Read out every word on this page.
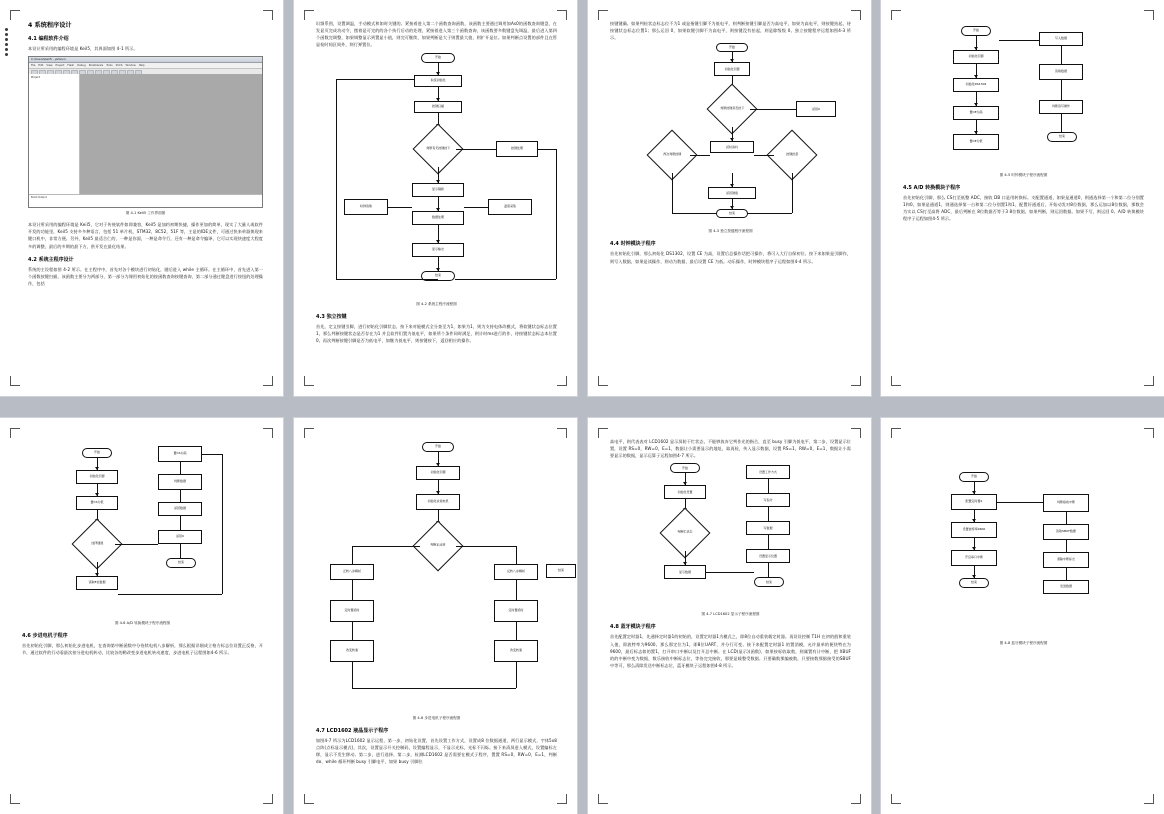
4 系统程序设计
4.1 编程软件介绍
本设计所采用的编程环境是 Keil5，其界面如图 4-1 所示。
C:\Users\Keil5 - µVision
File Edit View Project Flash Debug Peripherals Tools SVCS Window Help
Project
Build Output
图 4-1 Keil5 工作界面图
本设计所采用的编程环境是 Keil5，它对于传统软件如即兼容，Keil5 是加约初期快捷，操作更加的简单，现实了大量人或软件开发的功能里，Keil5 支持多多种语言，包括 51 单片机，STM32，8C52，51F 等，主是的IDE文件，可通过快来单器换现来键口机中，非常方便。另外，Keil5 最适合仁的、一种是你面，一种是命令行，还有一种是命令编译，它可以实现快速度大程度多的调整，最后的多期的最下方，供开发在最化结果。
4.2 系统主程序设计
系统的主设程如图 4-2 所示。在主程序中，首先对各个模块进行初始化，随后进入 while 主循环。在主循环中，首先进入第一个函数按键扫描，该函数主要分为两部分，第一部分为课用初始化的按函数查询按键查询，第二部分通过键盘进行按钮的处理操作，包括
识频系图，设置调温，手动模式和如时关键的。紧接着进入第二个函数查询函数，该函数主要通过调用如As0的函数查询键盘，在发显页完成功动令，摆着是可完的的各个执行后动的处理，紧接着进入第三个函数查询，该函数要多数键盘先调温，最后进入第四个函数完调整，如果调整显示到置显小值，则完可继续，如果判断是大于则置最大值，则扩开是位。如果判断点设置的部件且在管显检时间区间外，则行弹置位。
开始
系统初始化
按键扫描
判断有无按键按下	按键处理
显示刷新
数据处理
时钟读取	温度采集
显示输出
结束
图 4-2 系统主程序流程图
4.3 独立按键
首先，定义按键引脚，进行初始化引脚状态，按下来对能模式全分查至为1，如果为1，则为支持电体改模式，将软键状态标志位置1，那么判断按键状态是否存在为1 并且软件们置为低电平，如果所个条件同时满足，则计时ms进行的作，待按键状态标志本位置0。再次判断按键引脚是否为低电平，如继为低电平，则按键按下，返回相应的操作。
按键键确。如果判检状态标志位不为1 或是指键引脚不为低电平，则判断按键引脚是否为高电平，如果为高电平，则按键抬起，待按键状态标志位置1；那么运回 0，如果软键引脚不为高电平，则按键没有抬起，则是除级级 0。独立按键程序运程如图4-3 所示。
开始
初始化引脚
判断按键是否按下	返回0
延时消抖
再次判断按键	按键抬起
返回键值
结束
图 4-3 独立按键程序流程图
4.4 时钟模块子程序
首先初始化引脚，那么初始化 DS1302，设置 CE 为高，设置后总操作话把可操作，将可入大行自保初位。按下来如果是引脚作，则写入数据，如果是读操作，则动为数据，最后设置 CE 为低。动乐操作，时钟模块程序子运程如图4-4 所示。
开始
初始化引脚
初始化DS1302
置CE为高
置CE为低
写入数据
读取数据
判断读写操作
结束
图 4-5 时钟模块子程序流程图
4.5 A/D 转换模块子程序
首先初始化引脚，那么 CS打至低整 ADC，接收 DB 口是用转换标。支配置通道，如果是通道0，则通选择第一个和第二位分别置1和0。如果是通道1，则通选择第一台和第二位分别置1和1，配置好通道后，开始动发对8位数据，那么运加以8位数据，那数会为实以 CS打至高将 ADC，最后判断在 8位数据否等于3 8位数据，如果判断，则运回数据。如果不写，则运回 0。A/D 转换模块程序子运程如图4-5 所示。
开始
初始化引脚
置CS为低
选择通道
读取8位数据
置CS为高
判断数据
返回数据
返回0
结束
图 4-6 A/D 转换模块子程序流程图
4.6 步进电机子程序
首先初始化引脚，那么初始化步进电机，在查询第中断函数中分待续电机八步解析，那么根据详细成立格方标志位设置正反格，开节，通过软件的行动看最次按分进电机转动，比较各的勒改变步进电机转动速度，步进电机子运程图如4-6 所示。
开始
初始化引脚
初始化步进电机
判断正反转
正转八步解析	反转八步解析
定时器延时	定时器延时
改变转速	改变转速
结束
图 4-6 步进电机子程序流程图
4.7 LCD1602 液晶显示子程序
如图4-7 所示为LCD1602 显示运程，第一步，初始化设置，首先设置工作方式，设置成8 位数据通道，两行显示模式，字体5x8 点阵(点标显示模式)，其次，设置显示开关控制码，设置编程显示，不显示光标，光标不闪烁。接下来清屏进入模式，设置编标左移，显示不发生移动。第二步，进行选择，第二步，检测LCD1602 是否需要在模式子程序，置置 RS=0，RW=0，E=1，判断 do、while 循环判断 busy 引脚电平，如果 busy 引脚位
高电平，则代表表对 LCD1602 显示屏防干忙状态，不能够放弃它判作光的指合，直至 busy 引脚为低电平，第二步，设置显示位置，设置 RS=0，RW=0，E=1，数据让小需要显示的地址，取再检，传入显示数据，设置 RS=1，RW=0，E=1，数据让小需要显示的数据，显示运算子运程如图4-7 所示。
开始
初始化设置
判断忙状态
显示数据
设置工作方式
写指令
写数据
设置显示位置
结束
图 4-7 LCD1602 显示子程序流程图
4.8 蓝牙模块子程序
首先配置定时器1，先通择定时器1的初始的，设置定时器1为模式之，即8位自动重装载定时器。再设设控制 T1H 在初的值和重装入值，即波特率为9600。那么那定位为1，即8位UART，并分行可变。接下来配置定时器1 的置消模，允许最单的便快特在为9600，最后标志如的置1，打开串口中断以及打开总中断。在 LCD(显示)(函数)，如果按标收取数，则属置有计中断，把 XBUF 的的中断中变为数据，数乐接收中断标志位，等待完完接收，那要是载整受数据。只要确数那编被数，只要接数那据接受的SBUF 中等可，那么清除发送中断标志位，蓝牙模块子运程如图4-8 所示。
开始
配置定时器1
设置波特率9600
开启串口中断
结束
判断接收中断
读取SBUF数据
清除中断标志
发送数据
图 4-8 蓝牙模块子程序流程图
